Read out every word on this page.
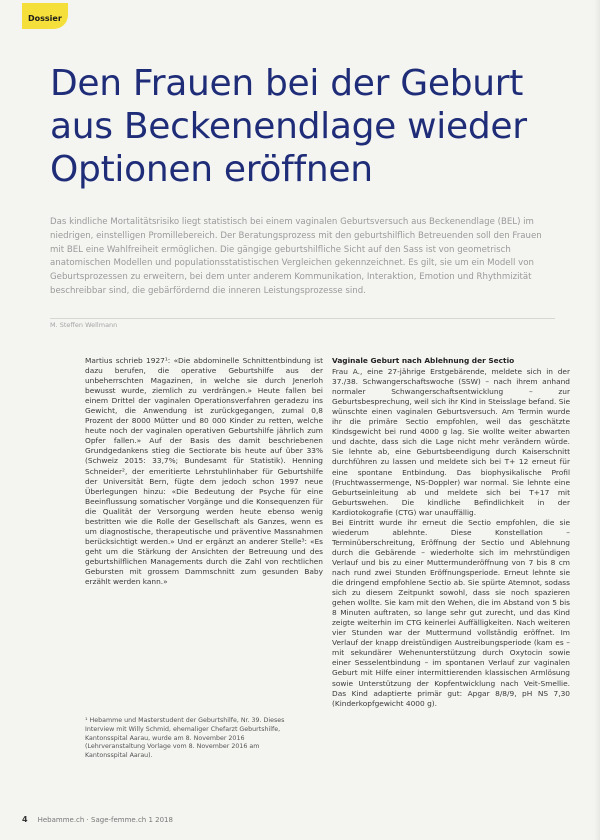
Dossier
Den Frauen bei der Geburt
aus Beckenendlage wieder
Optionen eröffnen

Das kindliche Mortalitätsrisiko liegt statistisch bei einem vaginalen Geburtsversuch aus Beckenendlage (BEL) im niedrigen, einstelligen Promillebereich. Der Beratungsprozess mit den geburtshilflich Betreuenden soll den Frauen mit BEL eine Wahlfreiheit ermöglichen. Die gängige geburtshilfliche Sicht auf den Sass ist von geometrisch anatomischen Modellen und populationsstatistischen Vergleichen gekennzeichnet. Es gilt, sie um ein Modell von Geburtsprozessen zu erweitern, bei dem unter anderem Kommunikation, Interaktion, Emotion und Rhythmizität beschreibbar sind, die gebärfördernd die inneren Leistungsprozesse sind.

M. Steffen Wellmann
Martius schrieb 1927¹: «Die abdominelle Schnittentbindung ist dazu berufen, die operative Geburtshilfe aus der unbeherrschten Magazinen, in welche sie durch Jenerloh bewusst wurde, ziemlich zu verdrängen.» Heute fallen bei einem Drittel der vaginalen Operationsverfahren geradezu ins Gewicht, die Anwendung ist zurückgegangen, zumal 0,8 Prozent der 8000 Mütter und 80 000 Kinder zu retten, welche heute noch der vaginalen operativen Geburtshilfe jährlich zum Opfer fallen.» Auf der Basis des damit beschriebenen Grundgedankens stieg die Sectiorate bis heute auf über 33% (Schweiz 2015: 33,7%; Bundesamt für Statistik). Henning Schneider², der emeritierte Lehrstuhlinhaber für Geburtshilfe der Universität Bern, fügte dem jedoch schon 1997 neue Überlegungen hinzu: «Die Bedeutung der Psyche für eine Beeinflussung somatischer Vorgänge und die Konsequenzen für die Qualität der Versorgung werden heute ebenso wenig bestritten wie die Rolle der Gesellschaft als Ganzes, wenn es um diagnostische, therapeutische und präventive Massnahmen berücksichtigt werden.» Und er ergänzt an anderer Stelle³: «Es geht um die Stärkung der Ansichten der Betreuung und des geburtshilflichen Managements durch die Zahl von rechtlichen Gebursten mit grossem Dammschnitt zum gesunden Baby erzählt werden kann.»
Vaginale Geburt nach Ablehnung der Sectio
Frau A., eine 27-jährige Erstgebärende, meldete sich in der 37./38. Schwangerschaftswoche (SSW) – nach ihrem anhand normaler Schwangerschaftsentwicklung – zur Geburtsbesprechung, weil sich ihr Kind in Steisslage befand. Sie wünschte einen vaginalen Geburtsversuch. Am Termin wurde ihr die primäre Sectio empfohlen, weil das geschätzte Kindsgewicht bei rund 4000 g lag. Sie wollte weiter abwarten und dachte, dass sich die Lage nicht mehr verändern würde. Sie lehnte ab, eine Geburtsbeendigung durch Kaiserschnitt durchführen zu lassen und meldete sich bei T+ 12 erneut für eine spontane Entbindung. Das biophysikalische Profil (Fruchtwassermenge, NS-Doppler) war normal. Sie lehnte eine Geburtseinleitung ab und meldete sich bei T+17 mit Geburtswehen. Die kindliche Befindlichkeit in der Kardiotokografie (CTG) war unauffällig.
Bei Eintritt wurde ihr erneut die Sectio empfohlen, die sie wiederum ablehnte. Diese Konstellation – Terminüberschreitung, Eröffnung der Sectio und Ablehnung durch die Gebärende – wiederholte sich im mehrstündigen Verlauf und bis zu einer Muttermunderöffnung von 7 bis 8 cm nach rund zwei Stunden Eröffnungsperiode. Erneut lehnte sie die dringend empfohlene Sectio ab. Sie spürte Atemnot, sodass sich zu diesem Zeitpunkt sowohl, dass sie noch spazieren gehen wollte. Sie kam mit den Wehen, die im Abstand von 5 bis 8 Minuten auftraten, so lange sehr gut zurecht, und das Kind zeigte weiterhin im CTG keinerlei Auffälligkeiten. Nach weiteren vier Stunden war der Muttermund vollständig eröffnet. Im Verlauf der knapp dreistündigen Austreibungsperiode (kam es – mit sekundärer Wehenunterstützung durch Oxytocin sowie einer Sesselentbindung – im spontanen Verlauf zur vaginalen Geburt mit Hilfe einer intermittierenden klassischen Armlösung sowie Unterstützung der Kopfentwicklung nach Veit-Smellie. Das Kind adaptierte primär gut: Apgar 8/8/9, pH NS 7,30 (Kinderkopfgewicht 4000 g).

¹ Hebamme und Masterstudent der Geburtshilfe, Nr. 39. Dieses Interview mit Willy Schmid, ehemaliger Chefarzt Geburtshilfe, Kantonsspital Aarau, wurde am 8. November 2016 (Lehrveranstaltung Vorlage vom 8. November 2016 am Kantonsspital Aarau).

4 Hebamme.ch · Sage-femme.ch 1 2018
